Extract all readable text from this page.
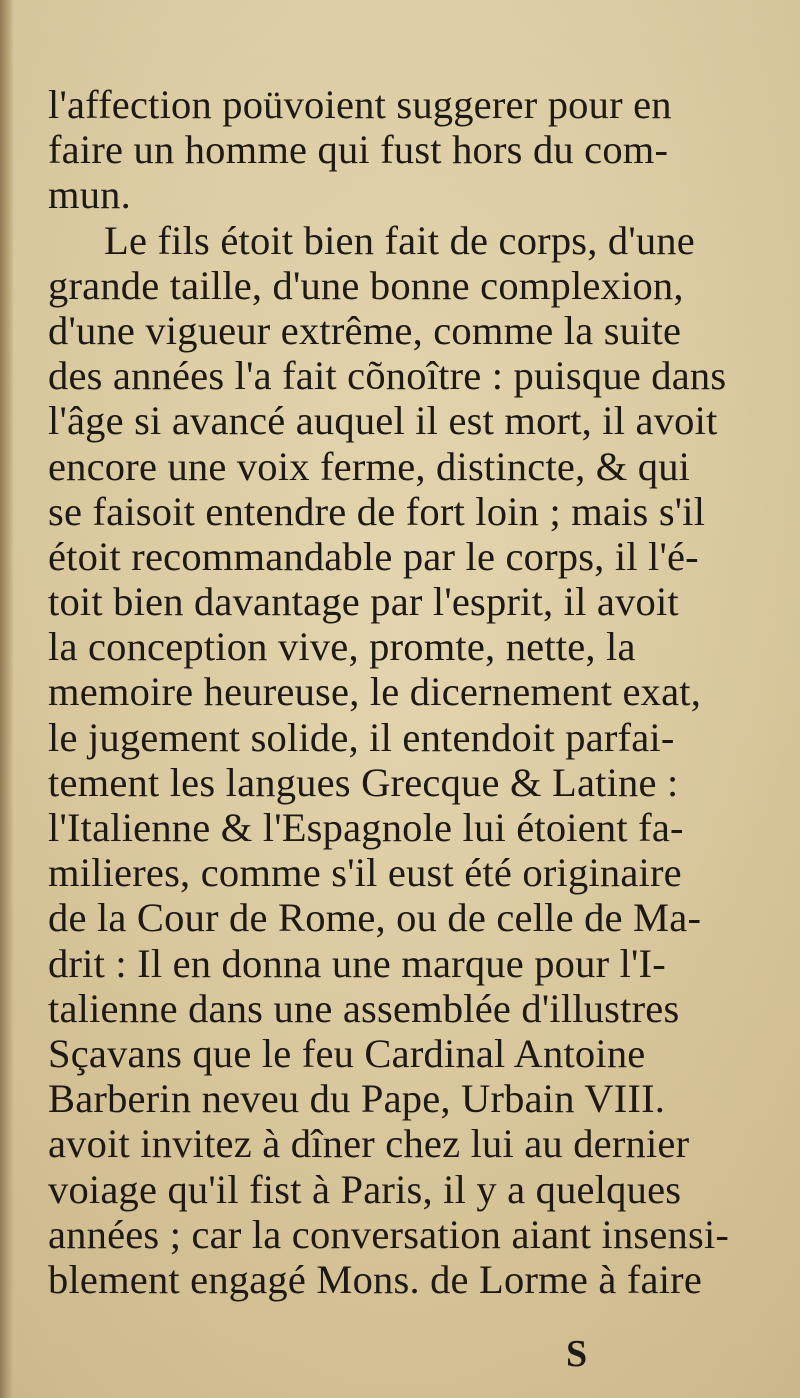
l'affection poüvoient suggerer pour en
faire un homme qui fust hors du com-
mun.
Le fils étoit bien fait de corps, d'une
grande taille, d'une bonne complexion,
d'une vigueur extrême, comme la suite
des années l'a fait cõnoître : puisque dans
l'âge si avancé auquel il est mort, il avoit
encore une voix ferme, distincte, & qui
se faisoit entendre de fort loin ; mais s'il
étoit recommandable par le corps, il l'é-
toit bien davantage par l'esprit, il avoit
la conception vive, promte, nette, la
memoire heureuse, le dicernement exat,
le jugement solide, il entendoit parfai-
tement les langues Grecque & Latine :
l'Italienne & l'Espagnole lui étoient fa-
milieres, comme s'il eust été originaire
de la Cour de Rome, ou de celle de Ma-
drit : Il en donna une marque pour l'I-
talienne dans une assemblée d'illustres
Sçavans que le feu Cardinal Antoine
Barberin neveu du Pape, Urbain VIII.
avoit invitez à dîner chez lui au dernier
voiage qu'il fist à Paris, il y a quelques
années ; car la conversation aiant insensi-
blement engagé Mons. de Lorme à faire
S
